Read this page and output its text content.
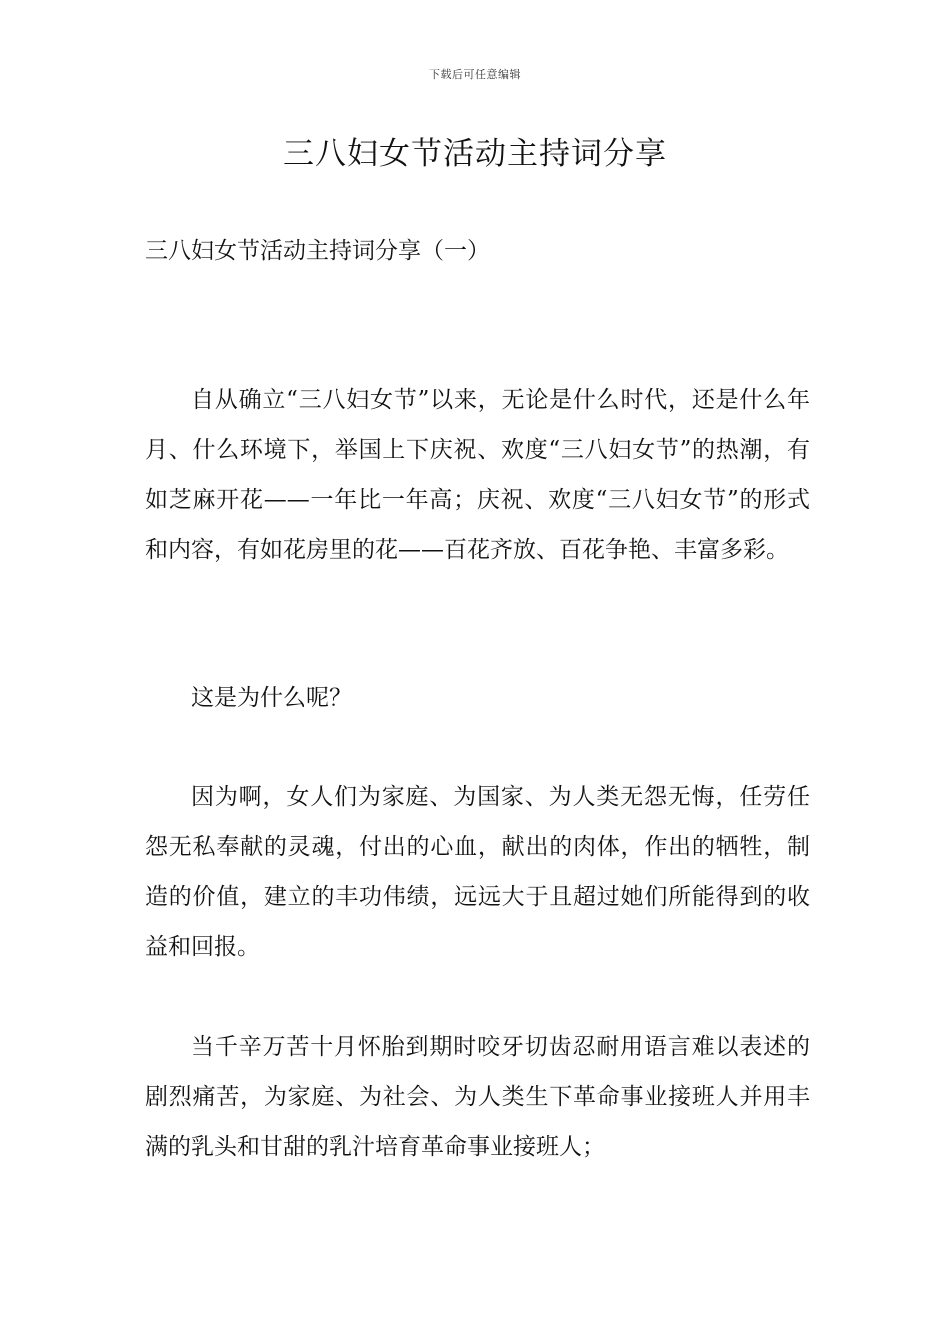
下载后可任意编辑
三八妇女节活动主持词分享
三八妇女节活动主持词分享（一）

自从确立“三八妇女节”以来，无论是什么时代，还是什么年月、什么环境下，举国上下庆祝、欢度“三八妇女节”的热潮，有如芝麻开花——一年比一年高；庆祝、欢度“三八妇女节”的形式和内容，有如花房里的花——百花齐放、百花争艳、丰富多彩。

这是为什么呢？

因为啊，女人们为家庭、为国家、为人类无怨无悔，任劳任怨无私奉献的灵魂，付出的心血，献出的肉体，作出的牺牲，制造的价值，建立的丰功伟绩，远远大于且超过她们所能得到的收益和回报。

当千辛万苦十月怀胎到期时咬牙切齿忍耐用语言难以表述的剧烈痛苦，为家庭、为社会、为人类生下革命事业接班人并用丰满的乳头和甘甜的乳汁培育革命事业接班人；
